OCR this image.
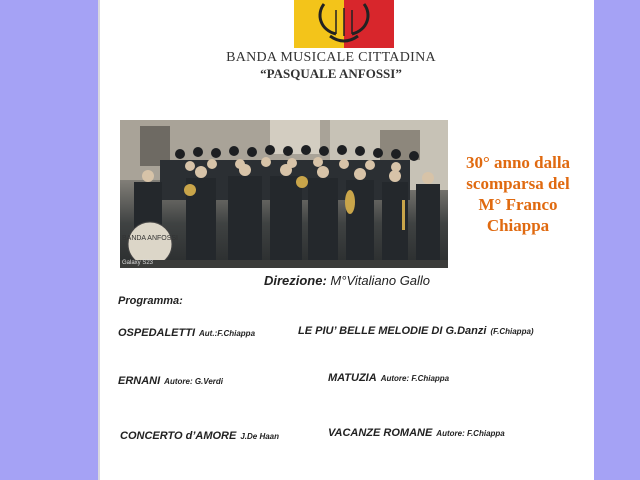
BANDA MUSICALE CITTADINA
“PASQUALE ANFOSSI”
BANDA ANFOSSI
Galaxy S23
30° anno dalla
scomparsa del
M° Franco
Chiappa
Direzione: M°Vitaliano Gallo
Programma:
OSPEDALETTI Aut.:F.Chiappa	LE PIU’ BELLE MELODIE DI G.Danzi (F.Chiappa)
ERNANI Autore: G.Verdi	MATUZIA Autore: F.Chiappa
CONCERTO d’AMORE J.De Haan	VACANZE ROMANE Autore: F.Chiappa
